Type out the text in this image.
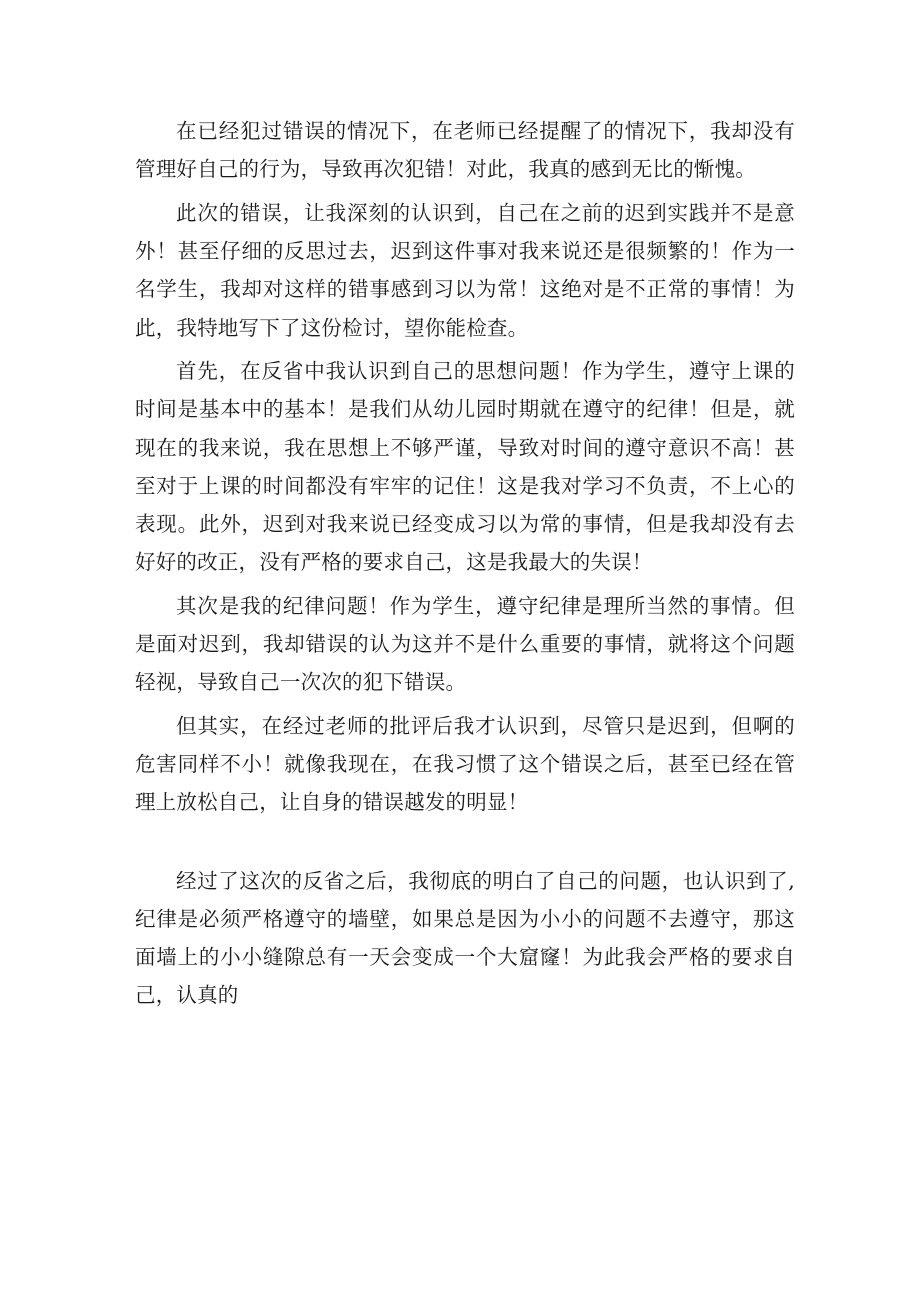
在已经犯过错误的情况下，在老师已经提醒了的情况下，我却没有管理好自己的行为，导致再次犯错！对此，我真的感到无比的惭愧。

此次的错误，让我深刻的认识到，自己在之前的迟到实践并不是意外！甚至仔细的反思过去，迟到这件事对我来说还是很频繁的！作为一名学生，我却对这样的错事感到习以为常！这绝对是不正常的事情！为此，我特地写下了这份检讨，望你能检查。

首先，在反省中我认识到自己的思想问题！作为学生，遵守上课的时间是基本中的基本！是我们从幼儿园时期就在遵守的纪律！但是，就现在的我来说，我在思想上不够严谨，导致对时间的遵守意识不高！甚至对于上课的时间都没有牢牢的记住！这是我对学习不负责，不上心的表现。此外，迟到对我来说已经变成习以为常的事情，但是我却没有去好好的改正，没有严格的要求自己，这是我最大的失误！

其次是我的纪律问题！作为学生，遵守纪律是理所当然的事情。但是面对迟到，我却错误的认为这并不是什么重要的事情，就将这个问题轻视，导致自己一次次的犯下错误。

但其实，在经过老师的批评后我才认识到，尽管只是迟到，但啊的危害同样不小！就像我现在，在我习惯了这个错误之后，甚至已经在管理上放松自己，让自身的错误越发的明显！

经过了这次的反省之后，我彻底的明白了自己的问题，也认识到了,纪律是必须严格遵守的墙壁，如果总是因为小小的问题不去遵守，那这面墙上的小小缝隙总有一天会变成一个大窟窿！为此我会严格的要求自己，认真的
